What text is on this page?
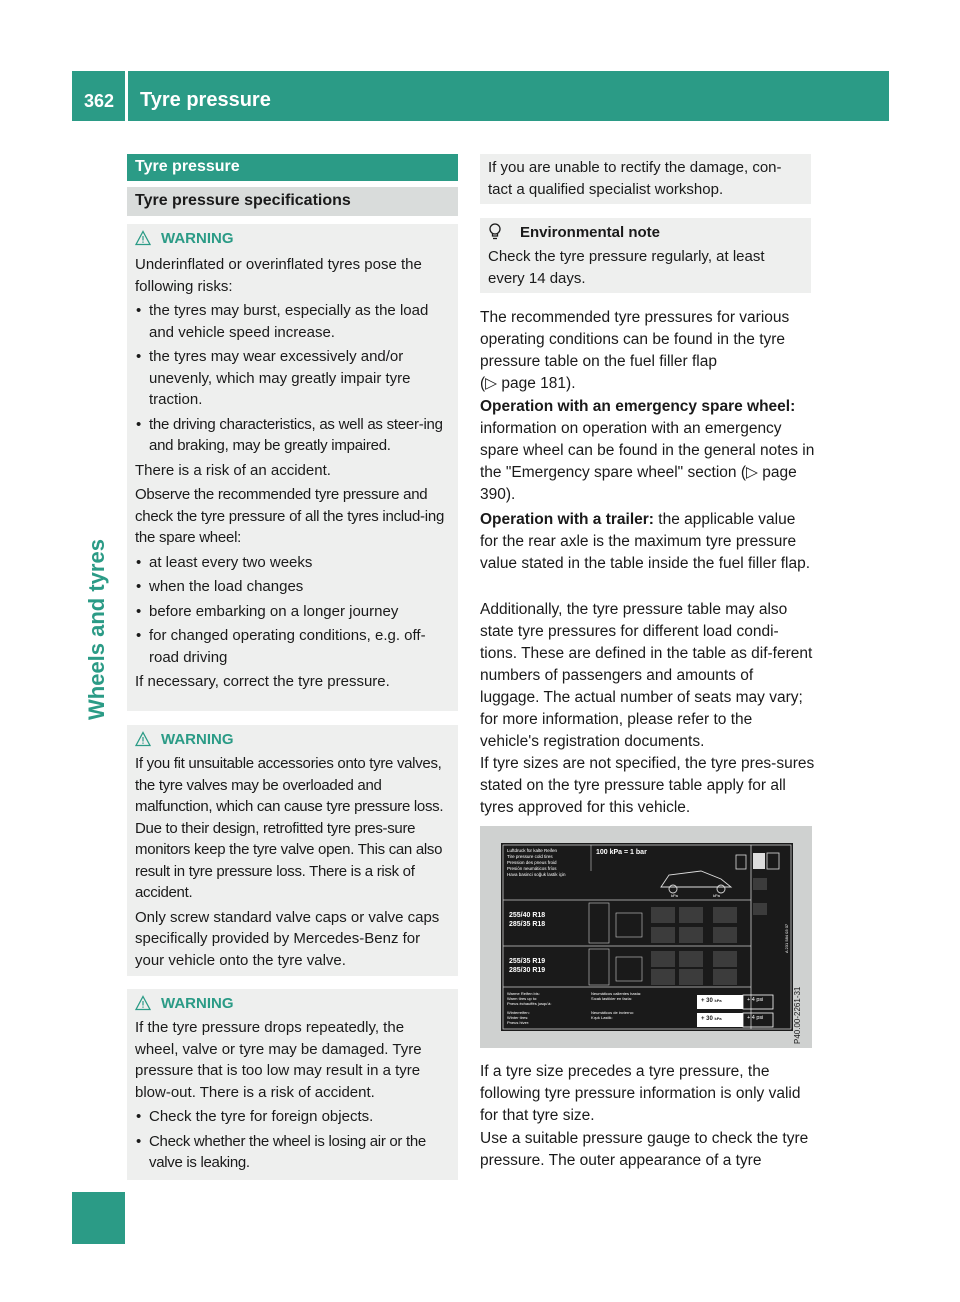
362 Tyre pressure
Wheels and tyres
Tyre pressure
Tyre pressure specifications
WARNING
Underinflated or overinflated tyres pose the following risks:
• the tyres may burst, especially as the load and vehicle speed increase.
• the tyres may wear excessively and/or unevenly, which may greatly impair tyre traction.
• the driving characteristics, as well as steer-ing and braking, may be greatly impaired.
There is a risk of an accident.
Observe the recommended tyre pressure and check the tyre pressure of all the tyres includ-ing the spare wheel:
• at least every two weeks
• when the load changes
• before embarking on a longer journey
• for changed operating conditions, e.g. off-road driving
If necessary, correct the tyre pressure.
WARNING
If you fit unsuitable accessories onto tyre valves, the tyre valves may be overloaded and malfunction, which can cause tyre pressure loss. Due to their design, retrofitted tyre pres-sure monitors keep the tyre valve open. This can also result in tyre pressure loss. There is a risk of accident.
Only screw standard valve caps or valve caps specifically provided by Mercedes-Benz for your vehicle onto the tyre valve.
WARNING
If the tyre pressure drops repeatedly, the wheel, valve or tyre may be damaged. Tyre pressure that is too low may result in a tyre blow-out. There is a risk of accident.
• Check the tyre for foreign objects.
• Check whether the wheel is losing air or the valve is leaking.
If you are unable to rectify the damage, con-tact a qualified specialist workshop.
Environmental note
Check the tyre pressure regularly, at least every 14 days.
The recommended tyre pressures for various operating conditions can be found in the tyre pressure table on the fuel filler flap
(▷ page 181).
Operation with an emergency spare wheel: information on operation with an emergency spare wheel can be found in the general notes in the "Emergency spare wheel" section (▷ page 390).
Operation with a trailer: the applicable value for the rear axle is the maximum tyre pressure value stated in the table inside the fuel filler flap.
Additionally, the tyre pressure table may also state tyre pressures for different load condi-tions. These are defined in the table as dif-ferent numbers of passengers and amounts of luggage. The actual number of seats may vary; for more information, please refer to the vehicle's registration documents.
If tyre sizes are not specified, the tyre pres-sures stated on the tyre pressure table apply for all tyres approved for this vehicle.
Luftdruck für kalte Reifen
Tire pressure cold tires
Pression des pneus froid
Presión neumáticos fríos
Hava basinci soğuk lastik için
100 kPa = 1 bar
kPa	kPa
255/40 R18
285/35 R18
255/35 R19
285/30 R19
Warme Reifen bis:
Warm tires up to:
Pneus échauffés jusqu'à:
Neumáticos calientes hasta:
Sıcak lastikler en fazla:
Winterreifen:
Winter tires:
Pneus hiver:
Neumáticos de invierno:
Kışık Lastik:
+ 30 kPa
+ 30 kPa
+ 4 psi
+ 4 psi
A 231 584 03 07
P40.00-2261-31
If a tyre size precedes a tyre pressure, the following tyre pressure information is only valid for that tyre size.
Use a suitable pressure gauge to check the tyre pressure. The outer appearance of a tyre
